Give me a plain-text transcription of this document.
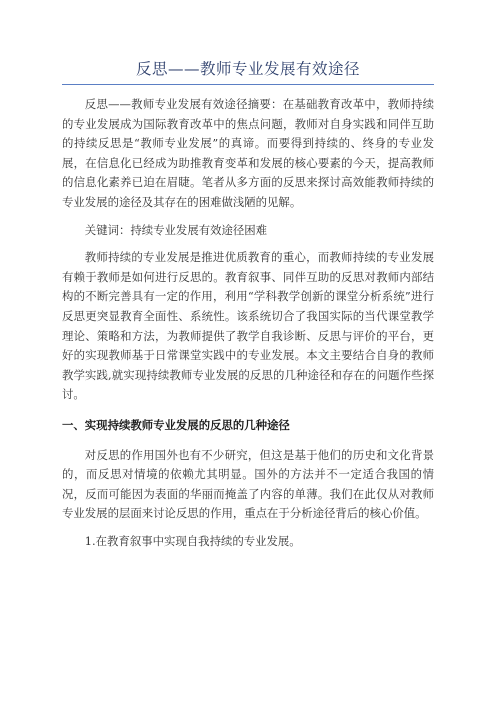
反思——教师专业发展有效途径

反思——教师专业发展有效途径摘要：在基础教育改革中，教师持续的专业发展成为国际教育改革中的焦点问题，教师对自身实践和同伴互助的持续反思是“教师专业发展”的真谛。而要得到持续的、终身的专业发展，在信息化已经成为助推教育变革和发展的核心要素的今天，提高教师的信息化素养已迫在眉睫。笔者从多方面的反思来探讨高效能教师持续的专业发展的途径及其存在的困难做浅陋的见解。

关键词：持续专业发展有效途径困难

教师持续的专业发展是推进优质教育的重心，而教师持续的专业发展有赖于教师是如何进行反思的。教育叙事、同伴互助的反思对教师内部结构的不断完善具有一定的作用，利用“学科教学创新的课堂分析系统”进行反思更突显教育全面性、系统性。该系统切合了我国实际的当代课堂教学理论、策略和方法，为教师提供了教学自我诊断、反思与评价的平台，更好的实现教师基于日常课堂实践中的专业发展。本文主要结合自身的教师教学实践,就实现持续教师专业发展的反思的几种途径和存在的问题作些探讨。

一、实现持续教师专业发展的反思的几种途径

对反思的作用国外也有不少研究，但这是基于他们的历史和文化背景的，而反思对情境的依赖尤其明显。国外的方法并不一定适合我国的情况，反而可能因为表面的华丽而掩盖了内容的单薄。我们在此仅从对教师专业发展的层面来讨论反思的作用，重点在于分析途径背后的核心价值。

1.在教育叙事中实现自我持续的专业发展。
